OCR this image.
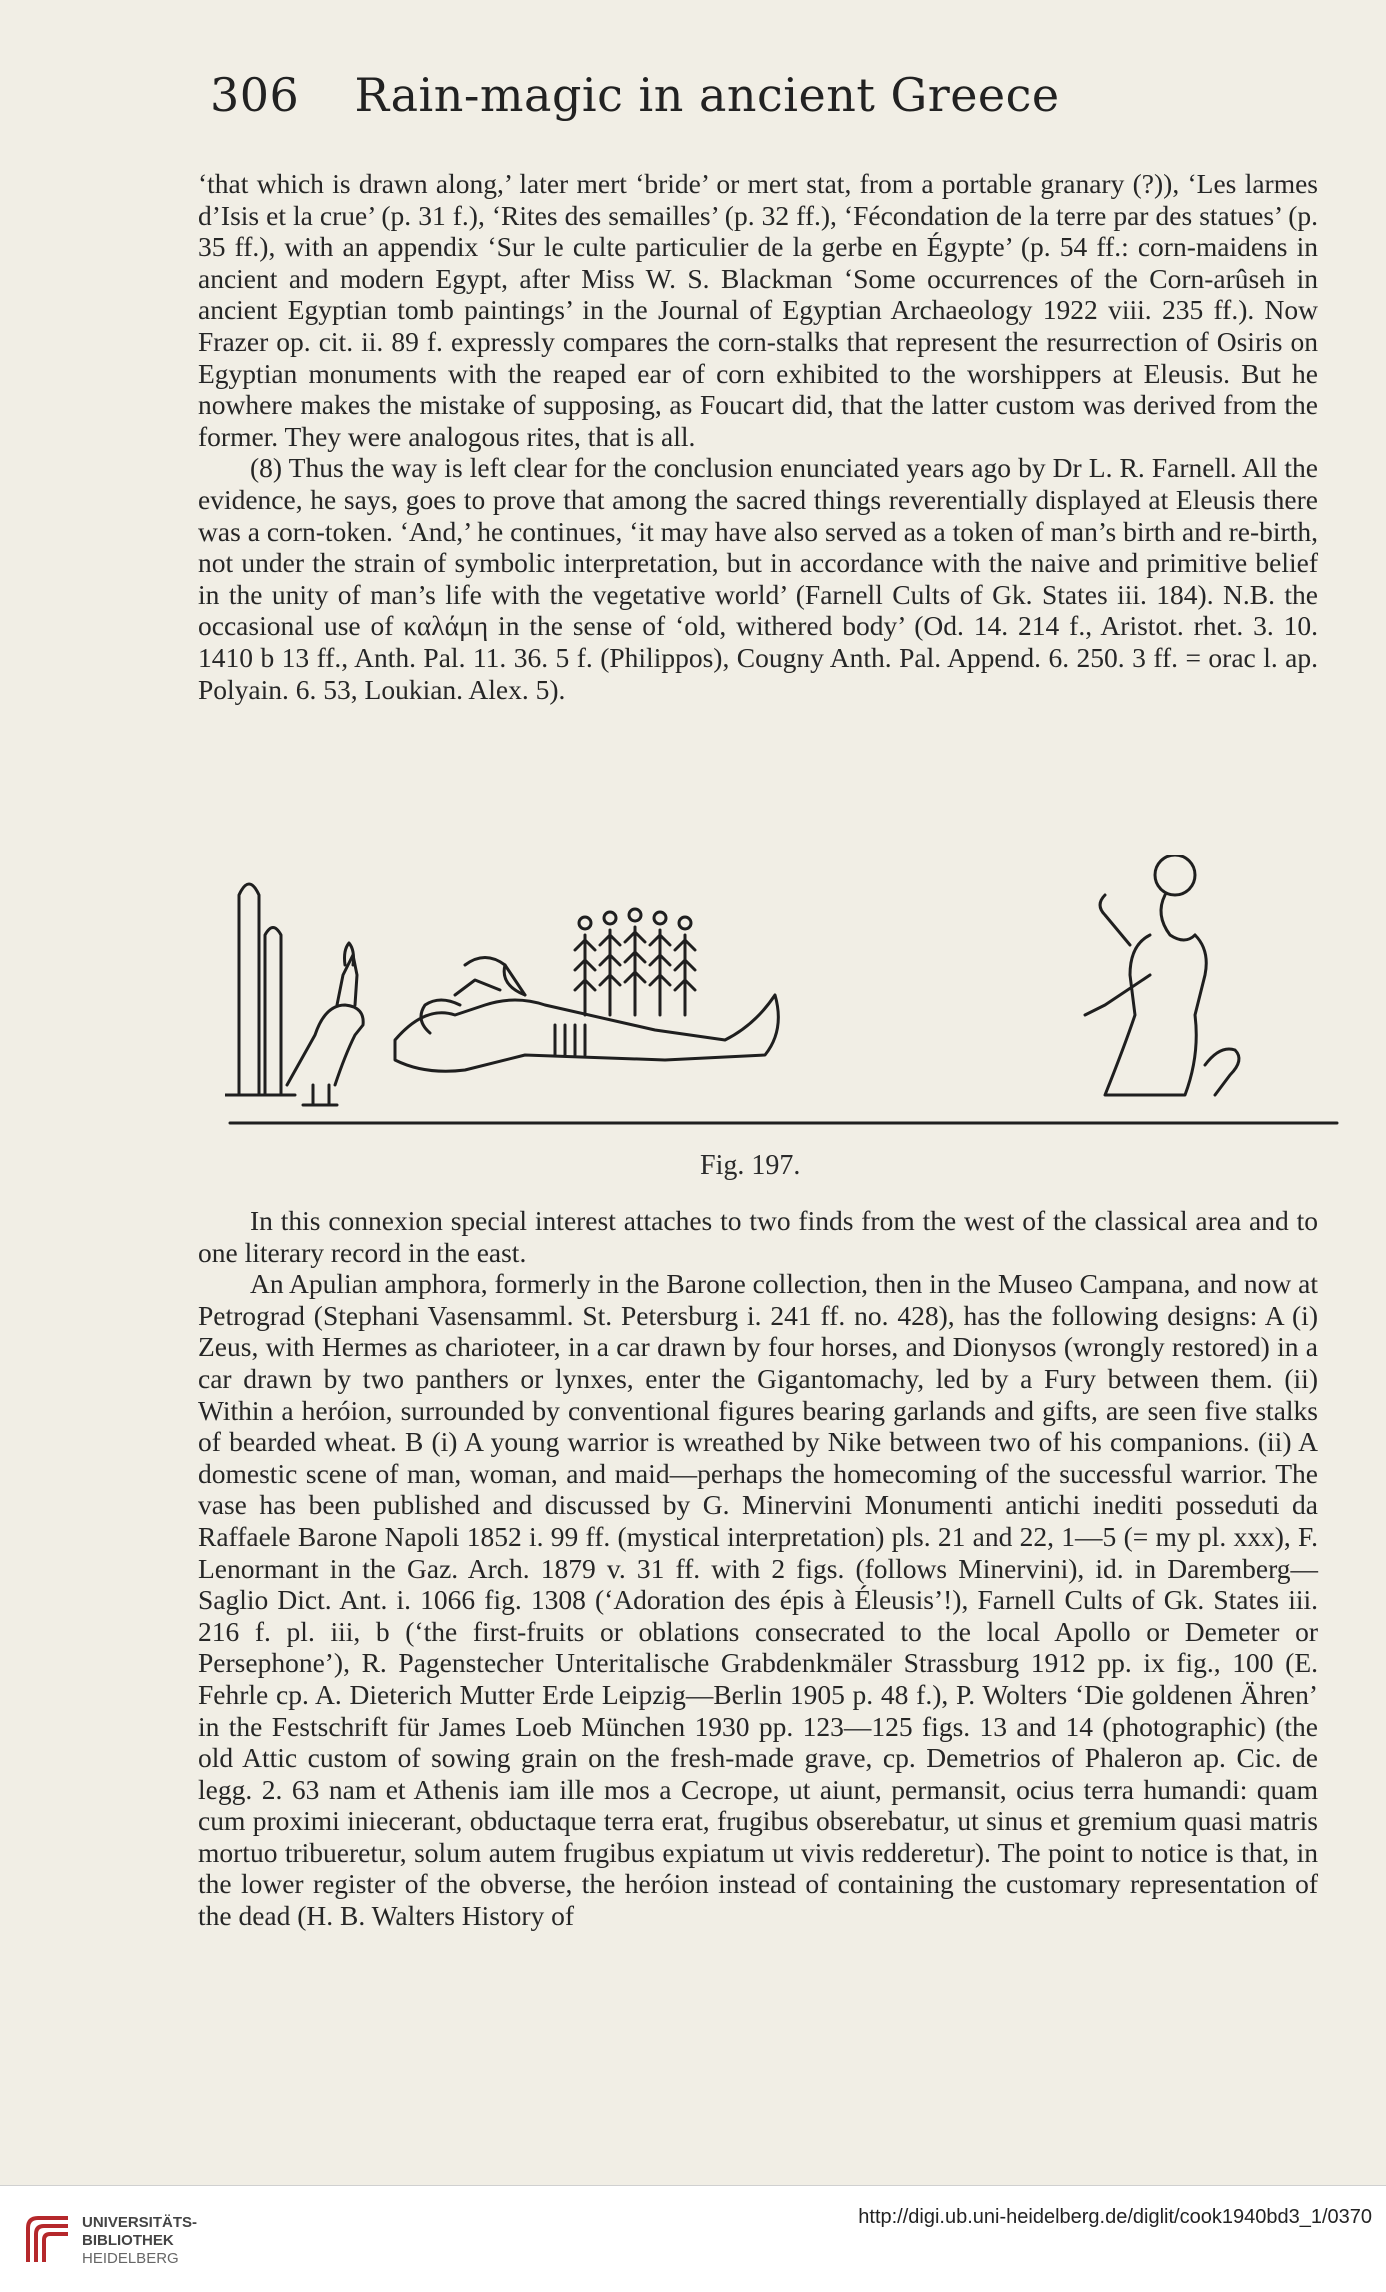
306 Rain-magic in ancient Greece

‘that which is drawn along,’ later mert ‘bride’ or mert stat, from a portable granary (?)), ‘Les larmes d’Isis et la crue’ (p. 31 f.), ‘Rites des semailles’ (p. 32 ff.), ‘Fécondation de la terre par des statues’ (p. 35 ff.), with an appendix ‘Sur le culte particulier de la gerbe en Égypte’ (p. 54 ff.: corn-maidens in ancient and modern Egypt, after Miss W. S. Blackman ‘Some occurrences of the Corn-arûseh in ancient Egyptian tomb paintings’ in the Journal of Egyptian Archaeology 1922 viii. 235 ff.). Now Frazer op. cit. ii. 89 f. expressly compares the corn-stalks that represent the resurrection of Osiris on Egyptian monuments with the reaped ear of corn exhibited to the worshippers at Eleusis. But he nowhere makes the mistake of supposing, as Foucart did, that the latter custom was derived from the former. They were analogous rites, that is all.

(8) Thus the way is left clear for the conclusion enunciated years ago by Dr L. R. Farnell. All the evidence, he says, goes to prove that among the sacred things reverentially displayed at Eleusis there was a corn-token. ‘And,’ he continues, ‘it may have also served as a token of man’s birth and re-birth, not under the strain of symbolic interpretation, but in accordance with the naive and primitive belief in the unity of man’s life with the vegetative world’ (Farnell Cults of Gk. States iii. 184). N.B. the occasional use of καλάμη in the sense of ‘old, withered body’ (Od. 14. 214 f., Aristot. rhet. 3. 10. 1410 b 13 ff., Anth. Pal. 11. 36. 5 f. (Philippos), Cougny Anth. Pal. Append. 6. 250. 3 ff. = orac l. ap. Polyain. 6. 53, Loukian. Alex. 5).

Fig. 197.

In this connexion special interest attaches to two finds from the west of the classical area and to one literary record in the east.

An Apulian amphora, formerly in the Barone collection, then in the Museo Campana, and now at Petrograd (Stephani Vasensamml. St. Petersburg i. 241 ff. no. 428), has the following designs: A (i) Zeus, with Hermes as charioteer, in a car drawn by four horses, and Dionysos (wrongly restored) in a car drawn by two panthers or lynxes, enter the Gigantomachy, led by a Fury between them. (ii) Within a heróion, surrounded by conventional figures bearing garlands and gifts, are seen five stalks of bearded wheat. B (i) A young warrior is wreathed by Nike between two of his companions. (ii) A domestic scene of man, woman, and maid—perhaps the homecoming of the successful warrior. The vase has been published and discussed by G. Minervini Monumenti antichi inediti posseduti da Raffaele Barone Napoli 1852 i. 99 ff. (mystical interpretation) pls. 21 and 22, 1—5 (= my pl. xxx), F. Lenormant in the Gaz. Arch. 1879 v. 31 ff. with 2 figs. (follows Minervini), id. in Daremberg—Saglio Dict. Ant. i. 1066 fig. 1308 (‘Adoration des épis à Éleusis’!), Farnell Cults of Gk. States iii. 216 f. pl. iii, b (‘the first-fruits or oblations consecrated to the local Apollo or Demeter or Persephone’), R. Pagenstecher Unteritalische Grabdenkmäler Strassburg 1912 pp. ix fig., 100 (E. Fehrle cp. A. Dieterich Mutter Erde Leipzig—Berlin 1905 p. 48 f.), P. Wolters ‘Die goldenen Ähren’ in the Festschrift für James Loeb München 1930 pp. 123—125 figs. 13 and 14 (photographic) (the old Attic custom of sowing grain on the fresh-made grave, cp. Demetrios of Phaleron ap. Cic. de legg. 2. 63 nam et Athenis iam ille mos a Cecrope, ut aiunt, permansit, ocius terra humandi: quam cum proximi iniecerant, obductaque terra erat, frugibus obserebatur, ut sinus et gremium quasi matris mortuo tribueretur, solum autem frugibus expiatum ut vivis redderetur). The point to notice is that, in the lower register of the obverse, the heróion instead of containing the customary representation of the dead (H. B. Walters History of

UNIVERSITÄTS-
BIBLIOTHEK
HEIDELBERG
http://digi.ub.uni-heidelberg.de/diglit/cook1940bd3_1/0370
